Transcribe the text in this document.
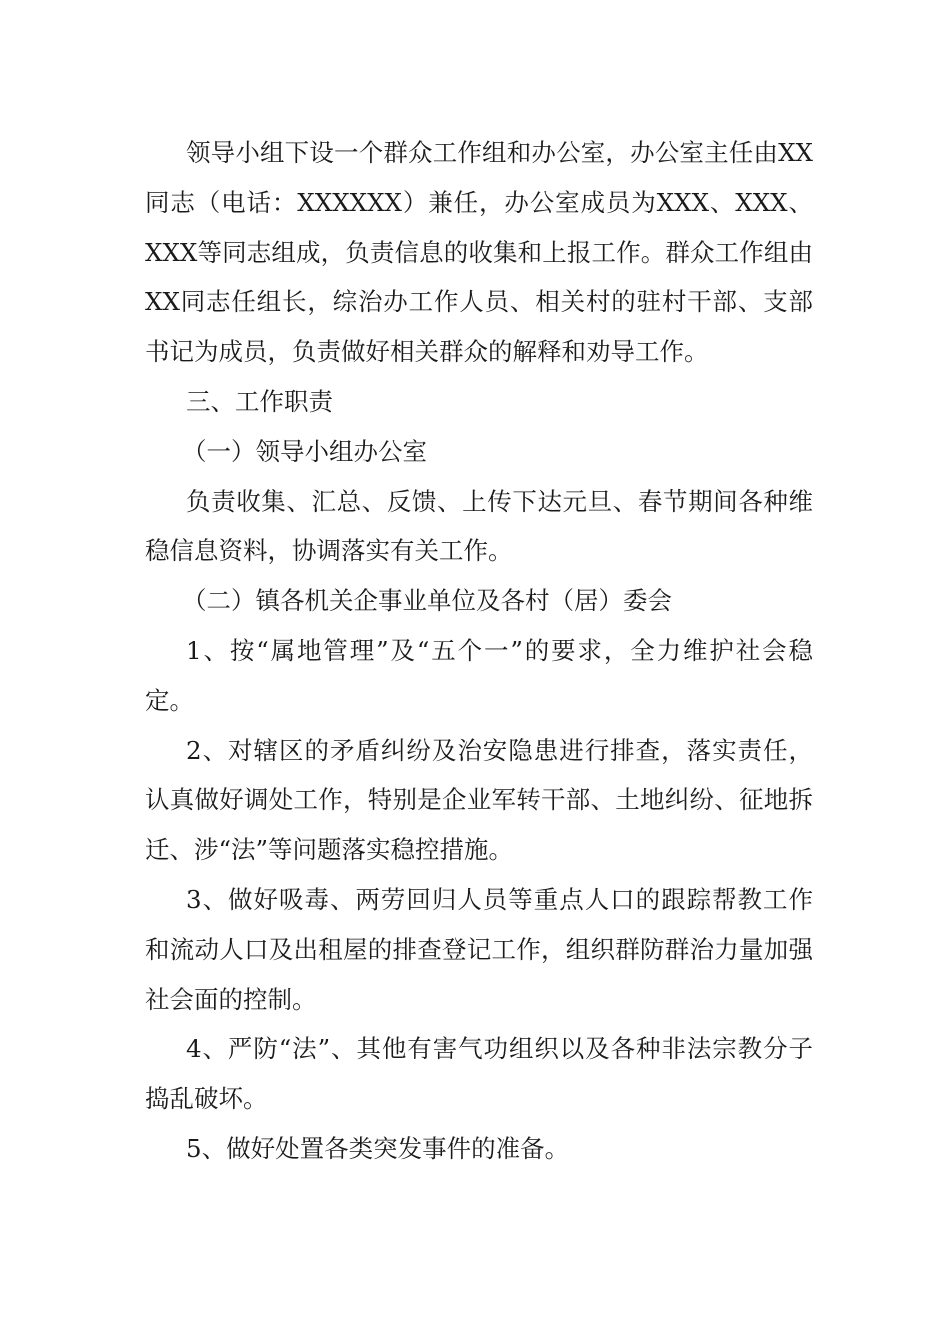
领导小组下设一个群众工作组和办公室，办公室主任由XX同志（电话：XXXXXX）兼任，办公室成员为XXX、XXX、XXX等同志组成，负责信息的收集和上报工作。群众工作组由XX同志任组长，综治办工作人员、相关村的驻村干部、支部书记为成员，负责做好相关群众的解释和劝导工作。

三、工作职责

（一）领导小组办公室

负责收集、汇总、反馈、上传下达元旦、春节期间各种维稳信息资料，协调落实有关工作。

（二）镇各机关企事业单位及各村（居）委会

1、按“属地管理”及“五个一”的要求，全力维护社会稳定。

2、对辖区的矛盾纠纷及治安隐患进行排查，落实责任，认真做好调处工作，特别是企业军转干部、土地纠纷、征地拆迁、涉“法”等问题落实稳控措施。

3、做好吸毒、两劳回归人员等重点人口的跟踪帮教工作和流动人口及出租屋的排查登记工作，组织群防群治力量加强社会面的控制。

4、严防“法”、其他有害气功组织以及各种非法宗教分子捣乱破坏。

5、做好处置各类突发事件的准备。
